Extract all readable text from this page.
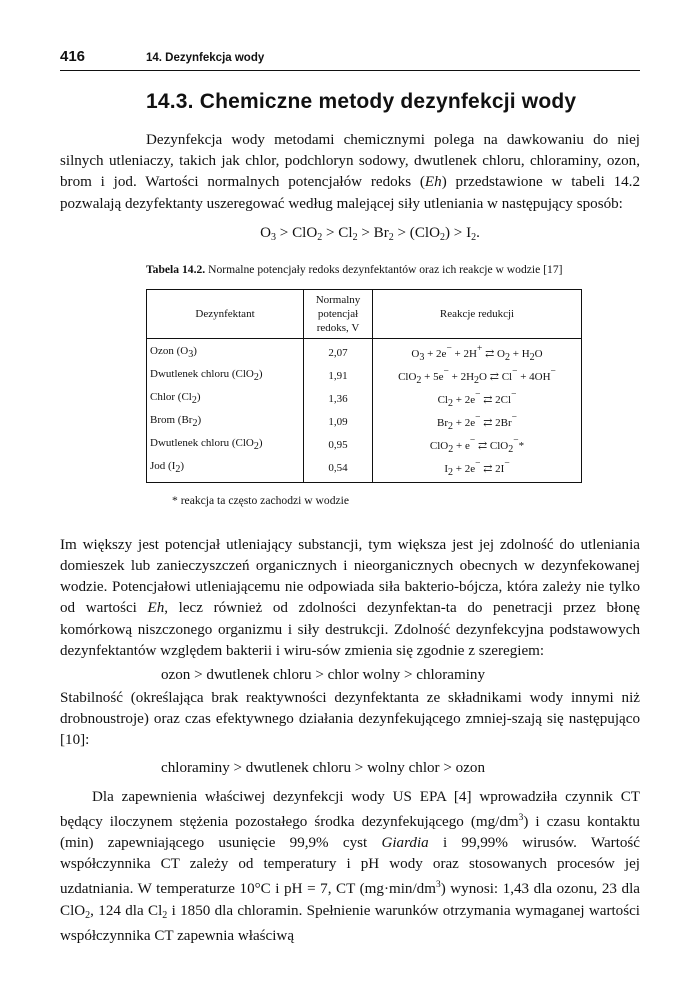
416	14. Dezynfekcja wody
14.3. Chemiczne metody dezynfekcji wody

Dezynfekcja wody metodami chemicznymi polega na dawkowaniu do niej silnych utleniaczy, takich jak chlor, podchloryn sodowy, dwutlenek chloru, chloraminy, ozon, brom i jod. Wartości normalnych potencjałów redoks (Eh) przedstawione w tabeli 14.2 pozwalają dezyfektanty uszeregować według malejącej siły utleniania w następujący sposób:

$O_3 > ClO_2 > Cl_2 > Br_2 > (ClO_2) > I_2$.
Tabela 14.2. Normalne potencjały redoks dezynfektantów oraz ich reakcje w wodzie [17]
Dezynfektant	Normalny potencjał redoks, V	Reakcje redukcji
Ozon (O3)	2,07	O3 + 2e− + 2H+ ⇄ O2 + H2O
Dwutlenek chloru (ClO2)	1,91	ClO2 + 5e− + 2H2O ⇄ Cl− + 4OH−
Chlor (Cl2)	1,36	Cl2 + 2e− ⇄ 2Cl−
Brom (Br2)	1,09	Br2 + 2e− ⇄ 2Br−
Dwutlenek chloru (ClO2)	0,95	ClO2 + e− ⇄ ClO2−*
Jod (I2)	0,54	I2 + 2e− ⇄ 2I−
* reakcja ta często zachodzi w wodzie

Im większy jest potencjał utleniający substancji, tym większa jest jej zdolność do utleniania domieszek lub zanieczyszczeń organicznych i nieorganicznych obecnych w dezynfekowanej wodzie. Potencjałowi utleniającemu nie odpowiada siła bakterio-bójcza, która zależy nie tylko od wartości Eh, lecz również od zdolności dezynfektan-ta do penetracji przez błonę komórkową niszczonego organizmu i siły destrukcji. Zdolność dezynfekcyjna podstawowych dezynfektantów względem bakterii i wiru-sów zmienia się zgodnie z szeregiem:

ozon > dwutlenek chloru > chlor wolny > chloraminy

Stabilność (określająca brak reaktywności dezynfektanta ze składnikami wody innymi niż drobnoustroje) oraz czas efektywnego działania dezynfekującego zmniej-szają się następująco [10]:

chloraminy > dwutlenek chloru > wolny chlor > ozon

Dla zapewnienia właściwej dezynfekcji wody US EPA [4] wprowadziła czynnik CT będący iloczynem stężenia pozostałego środka dezynfekującego $(mg/dm^3)$ i czasu kontaktu (min) zapewniającego usunięcie 99,9% cyst Giardia i 99,99% wirusów. Wartość współczynnika CT zależy od temperatury i pH wody oraz stosowanych procesów jej uzdatniania. W temperaturze 10°C i pH = 7, CT $(mg\cdot\min/dm^3)$ wynosi: 1,43 dla ozonu, 23 dla ClO$_2$, 124 dla $Cl_2$ i 1850 dla chloramin. Spełnienie warunków otrzymania wymaganej wartości współczynnika CT zapewnia właściwą
